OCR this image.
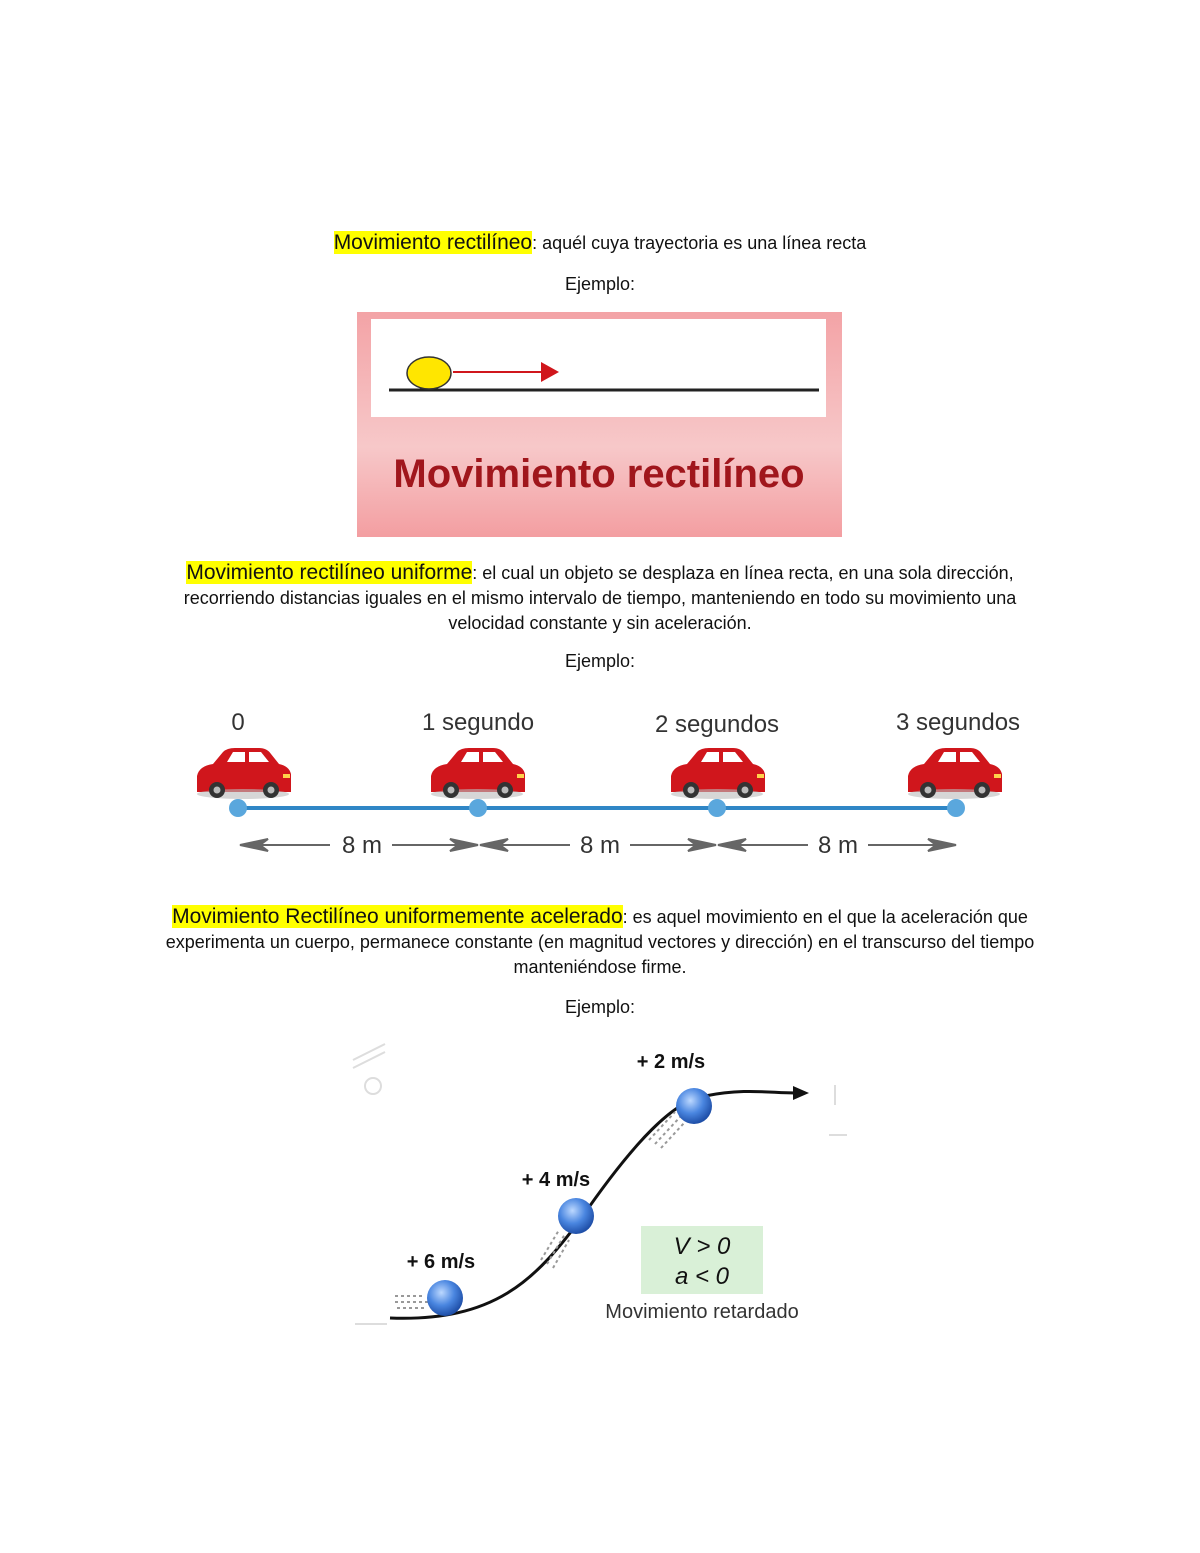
Movimiento rectilíneo: aquél cuya trayectoria es una línea recta

Ejemplo:

Movimiento rectilíneo

Movimiento rectilíneo uniforme: el cual un objeto se desplaza en línea recta, en una sola dirección, recorriendo distancias iguales en el mismo intervalo de tiempo, manteniendo en todo su movimiento una velocidad constante y sin aceleración.

Ejemplo:

0	1 segundo	2 segundos	3 segundos
8 m	8 m	8 m

Movimiento Rectilíneo uniformemente acelerado: es aquel movimiento en el que la aceleración que experimenta un cuerpo, permanece constante (en magnitud vectores y dirección) en el transcurso del tiempo manteniéndose firme.

Ejemplo:

+ 6 m/s
+ 4 m/s
+ 2 m/s
V > 0
a < 0
Movimiento retardado
